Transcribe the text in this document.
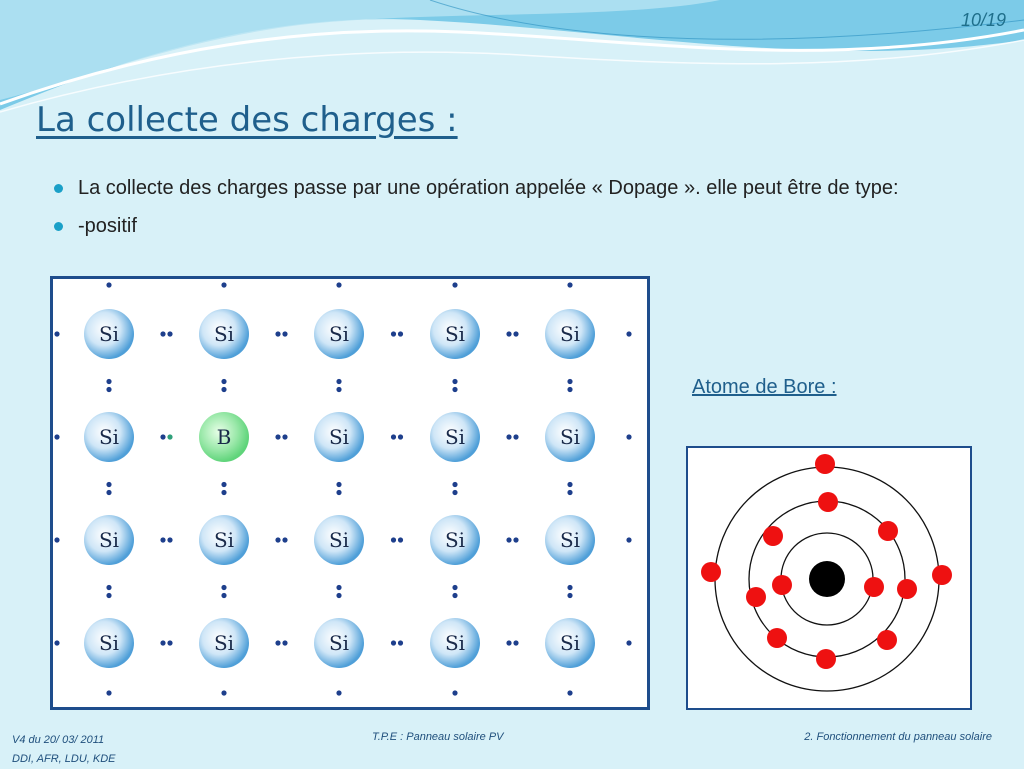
10/19
La collecte des charges :
La collecte des charges passe par une opération appelée « Dopage ». elle peut être de type:
-positif
Si	Si	Si	Si	Si
Si	B	Si	Si	Si
Si	Si	Si	Si	Si
Si	Si	Si	Si	Si
Atome de Bore :
V4 du 20/ 03/ 2011
DDI, AFR, LDU, KDE
T.P.E : Panneau solaire PV	2. Fonctionnement du panneau solaire
